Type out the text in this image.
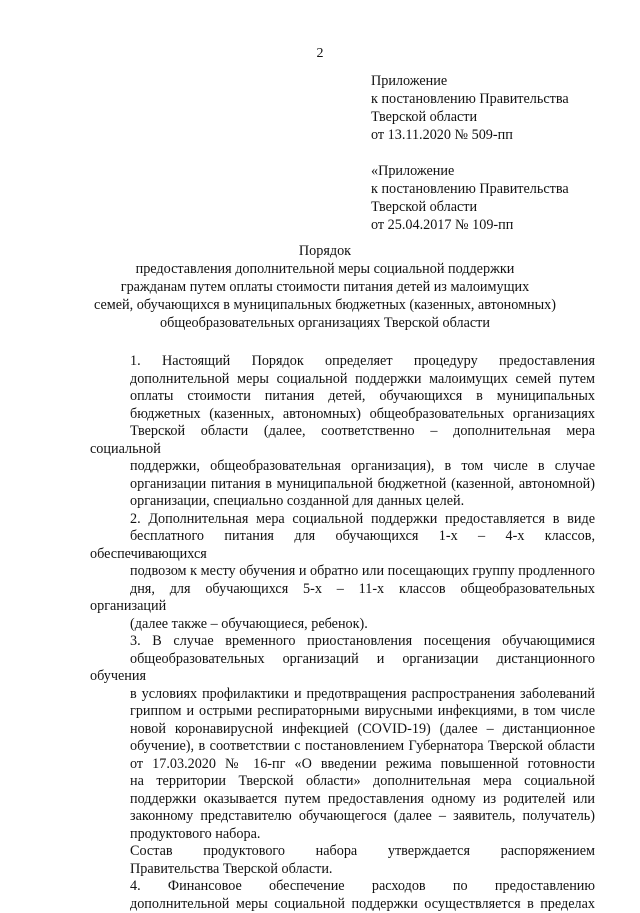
2
Приложение
к постановлению Правительства
Тверской области
от 13.11.2020 № 509-пп
«Приложение
к постановлению Правительства
Тверской области
от 25.04.2017 № 109-пп
Порядок
предоставления дополнительной меры социальной поддержки
гражданам путем оплаты стоимости питания детей из малоимущих
семей, обучающихся в муниципальных бюджетных (казенных, автономных)
общеобразовательных организациях Тверской области
1. Настоящий Порядок определяет процедуру предоставления
дополнительной меры социальной поддержки малоимущих семей путем
оплаты стоимости питания детей, обучающихся в муниципальных
бюджетных (казенных, автономных) общеобразовательных организациях
Тверской области (далее, соответственно – дополнительная мера социальной
поддержки, общеобразовательная организация), в том числе в случае
организации питания в муниципальной бюджетной (казенной, автономной)
организации, специально созданной для данных целей.
2. Дополнительная мера социальной поддержки предоставляется в виде
бесплатного питания для обучающихся 1-х – 4-х классов, обеспечивающихся
подвозом к месту обучения и обратно или посещающих группу продленного
дня, для обучающихся 5-х – 11-х классов общеобразовательных организаций
(далее также – обучающиеся, ребенок).
3. В случае временного приостановления посещения обучающимися
общеобразовательных организаций и организации дистанционного обучения
в условиях профилактики и предотвращения распространения заболеваний
гриппом и острыми респираторными вирусными инфекциями, в том числе
новой коронавирусной инфекцией (COVID-19) (далее – дистанционное
обучение), в соответствии с постановлением Губернатора Тверской области
от 17.03.2020 № 16-пг «О введении режима повышенной готовности
на территории Тверской области» дополнительная мера социальной
поддержки оказывается путем предоставления одному из родителей или
законному представителю обучающегося (далее – заявитель, получатель)
продуктового набора.
Состав продуктового набора утверждается распоряжением
Правительства Тверской области.
4. Финансовое обеспечение расходов по предоставлению
дополнительной меры социальной поддержки осуществляется в пределах
